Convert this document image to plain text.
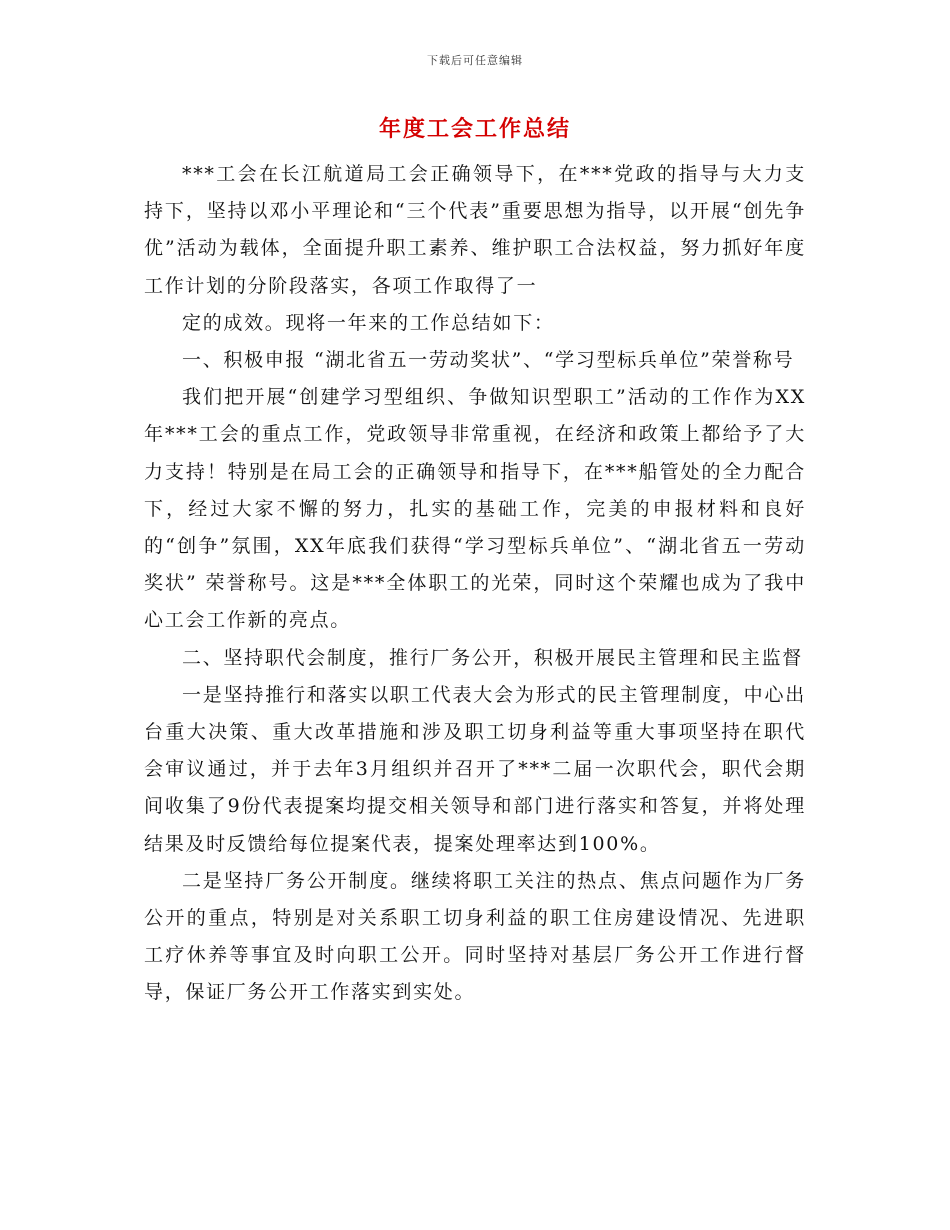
下载后可任意编辑
年度工会工作总结

***工会在长江航道局工会正确领导下，在***党政的指导与大力支持下，坚持以邓小平理论和“三个代表”重要思想为指导，以开展“创先争优”活动为载体，全面提升职工素养、维护职工合法权益，努力抓好年度工作计划的分阶段落实，各项工作取得了一

定的成效。现将一年来的工作总结如下：

一、积极申报 “湖北省五一劳动奖状”、“学习型标兵单位”荣誉称号

我们把开展“创建学习型组织、争做知识型职工”活动的工作作为XX年***工会的重点工作，党政领导非常重视，在经济和政策上都给予了大力支持！特别是在局工会的正确领导和指导下，在***船管处的全力配合下，经过大家不懈的努力，扎实的基础工作，完美的申报材料和良好的“创争”氛围，XX年底我们获得“学习型标兵单位”、“湖北省五一劳动奖状” 荣誉称号。这是***全体职工的光荣，同时这个荣耀也成为了我中心工会工作新的亮点。

二、坚持职代会制度，推行厂务公开，积极开展民主管理和民主监督

一是坚持推行和落实以职工代表大会为形式的民主管理制度，中心出台重大决策、重大改革措施和涉及职工切身利益等重大事项坚持在职代会审议通过，并于去年3月组织并召开了***二届一次职代会，职代会期间收集了9份代表提案均提交相关领导和部门进行落实和答复，并将处理结果及时反馈给每位提案代表，提案处理率达到100%。

二是坚持厂务公开制度。继续将职工关注的热点、焦点问题作为厂务公开的重点，特别是对关系职工切身利益的职工住房建设情况、先进职工疗休养等事宜及时向职工公开。同时坚持对基层厂务公开工作进行督导，保证厂务公开工作落实到实处。
